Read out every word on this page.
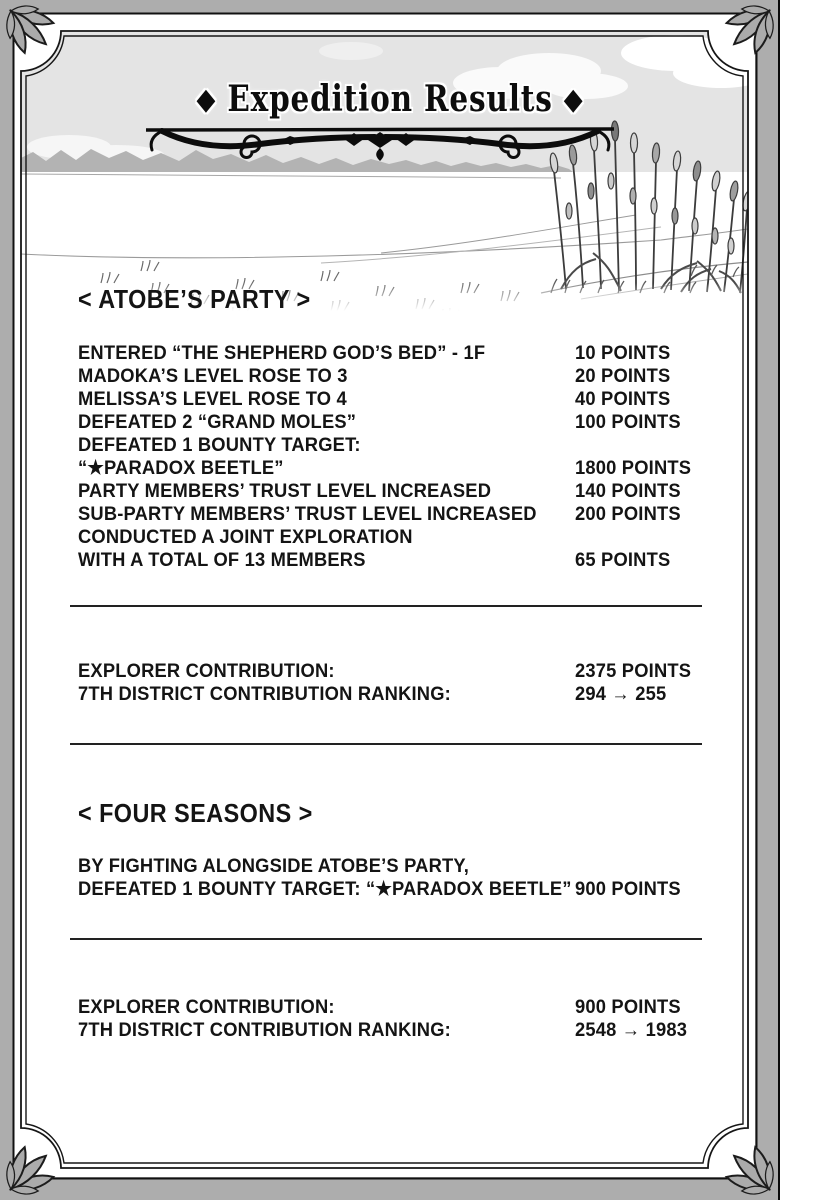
◆ Expedition Results ◆
< ATOBE’S PARTY >
ENTERED “THE SHEPHERD GOD’S BED” - 1F	10 POINTS
MADOKA’S LEVEL ROSE TO 3	20 POINTS
MELISSA’S LEVEL ROSE TO 4	40 POINTS
DEFEATED 2 “GRAND MOLES”	100 POINTS
DEFEATED 1 BOUNTY TARGET:
“★PARADOX BEETLE”	1800 POINTS
PARTY MEMBERS’ TRUST LEVEL INCREASED	140 POINTS
SUB-PARTY MEMBERS’ TRUST LEVEL INCREASED 200 POINTS
CONDUCTED A JOINT EXPLORATION
WITH A TOTAL OF 13 MEMBERS	65 POINTS
EXPLORER CONTRIBUTION:	2375 POINTS
7TH DISTRICT CONTRIBUTION RANKING:	294 → 255
< FOUR SEASONS >
BY FIGHTING ALONGSIDE ATOBE’S PARTY,
DEFEATED 1 BOUNTY TARGET: “★PARADOX BEETLE” 900 POINTS
EXPLORER CONTRIBUTION:	900 POINTS
7TH DISTRICT CONTRIBUTION RANKING:	2548 → 1983
